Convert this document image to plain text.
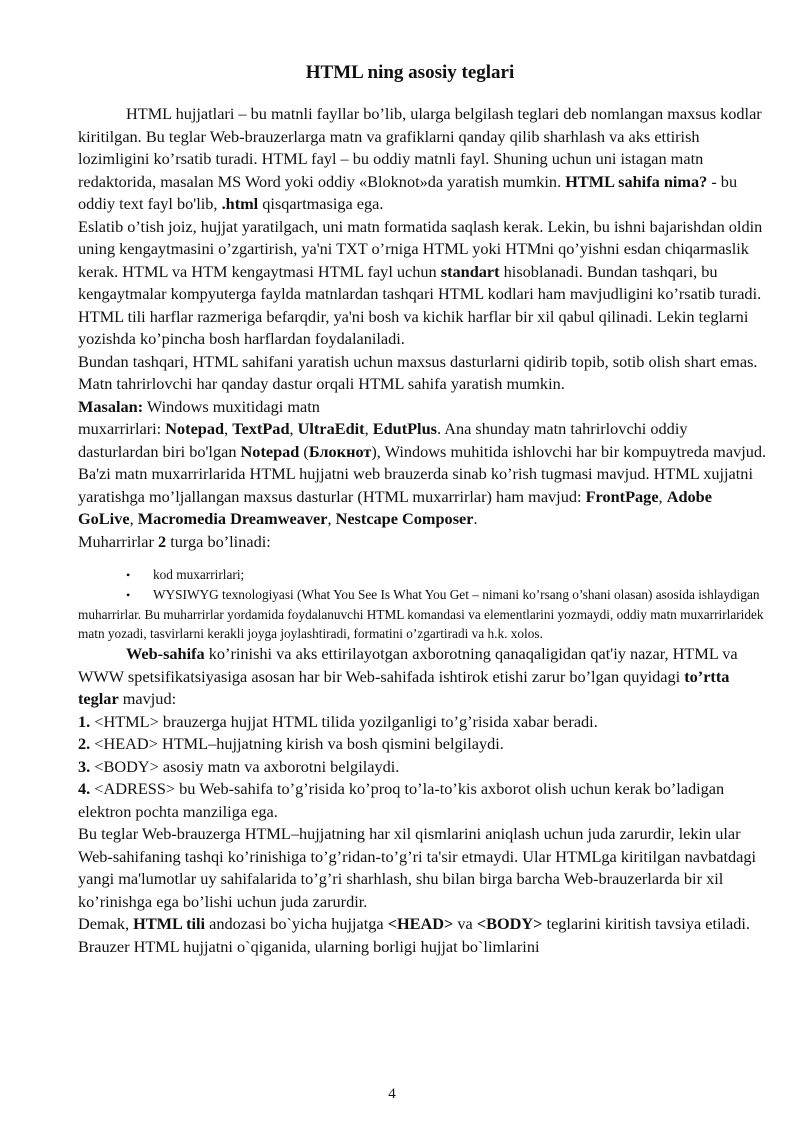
HTML ning asosiy teglari

HTML hujjatlari – bu matnli fayllar bo’lib, ularga belgilash teglari deb nomlangan maxsus kodlar kiritilgan. Bu teglar Web-brauzerlarga matn va grafiklarni qanday qilib sharhlash va aks ettirish lozimligini ko’rsatib turadi. HTML fayl – bu oddiy matnli fayl. Shuning uchun uni istagan matn redaktorida, masalan MS Word yoki oddiy «Bloknot»da yaratish mumkin. HTML sahifa nima? - bu oddiy text fayl bo'lib, .html qisqartmasiga ega.

Eslatib o’tish joiz, hujjat yaratilgach, uni matn formatida saqlash kerak. Lekin, bu ishni bajarishdan oldin uning kengaytmasini o’zgartirish, ya'ni TXT o’rniga HTML yoki HTMni qo’yishni esdan chiqarmaslik kerak. HTML va HTM kengaytmasi HTML fayl uchun standart hisoblanadi. Bundan tashqari, bu kengaytmalar kompyuterga faylda matnlardan tashqari HTML kodlari ham mavjudligini ko’rsatib turadi. HTML tili harflar razmeriga befarqdir, ya'ni bosh va kichik harflar bir xil qabul qilinadi. Lekin teglarni yozishda ko’pincha bosh harflardan foydalaniladi.

Bundan tashqari, HTML sahifani yaratish uchun maxsus dasturlarni qidirib topib, sotib olish shart emas. Matn tahrirlovchi har qanday dastur orqali HTML sahifa yaratish mumkin.

Masalan: Windows muxitidagi matn
muxarrirlari: Notepad, TextPad, UltraEdit, EdutPlus. Ana shunday matn tahrirlovchi oddiy dasturlardan biri bo'lgan Notepad (Блокнот), Windows muhitida ishlovchi har bir kompuytreda mavjud.

Ba'zi matn muxarrirlarida HTML hujjatni web brauzerda sinab ko’rish tugmasi mavjud. HTML xujjatni yaratishga mo’ljallangan maxsus dasturlar (HTML muxarrirlar) ham mavjud: FrontPage, Adobe GoLive, Macromedia Dreamweaver, Nestcape Composer.

Muharrirlar 2 turga bo’linadi:

• kod muxarrirlari;
• WYSIWYG texnologiyasi (What You See Is What You Get – nimani ko’rsang o’shani olasan) asosida ishlaydigan muharrirlar. Bu muharrirlar yordamida foydalanuvchi HTML komandasi va elementlarini yozmaydi, oddiy matn muxarrirlaridek matn yozadi, tasvirlarni kerakli joyga joylashtiradi, formatini o’zgartiradi va h.k. xolos.

Web-sahifa ko’rinishi va aks ettirilayotgan axborotning qanaqaligidan qat'iy nazar, HTML va WWW spetsifikatsiyasiga asosan har bir Web-sahifada ishtirok etishi zarur bo’lgan quyidagi to’rtta teglar mavjud:

1. <HTML> brauzerga hujjat HTML tilida yozilganligi to’g’risida xabar beradi.

2. <HEAD> HTML–hujjatning kirish va bosh qismini belgilaydi.

3. <BODY> asosiy matn va axborotni belgilaydi.

4. <ADRESS> bu Web-sahifa to’g’risida ko’proq to’la-to’kis axborot olish uchun kerak bo’ladigan elektron pochta manziliga ega.

Bu teglar Web-brauzerga HTML–hujjatning har xil qismlarini aniqlash uchun juda zarurdir, lekin ular Web-sahifaning tashqi ko’rinishiga to’g’ridan-to’g’ri ta'sir etmaydi. Ular HTMLga kiritilgan navbatdagi yangi ma'lumotlar uy sahifalarida to’g’ri sharhlash, shu bilan birga barcha Web-brauzerlarda bir xil ko’rinishga ega bo’lishi uchun juda zarurdir.

Demak, HTML tili andozasi bo`yicha hujjatga <HEAD> va <BODY> teglarini kiritish tavsiya etiladi. Brauzer HTML hujjatni o`qiganida, ularning borligi hujjat bo`limlarini

4
